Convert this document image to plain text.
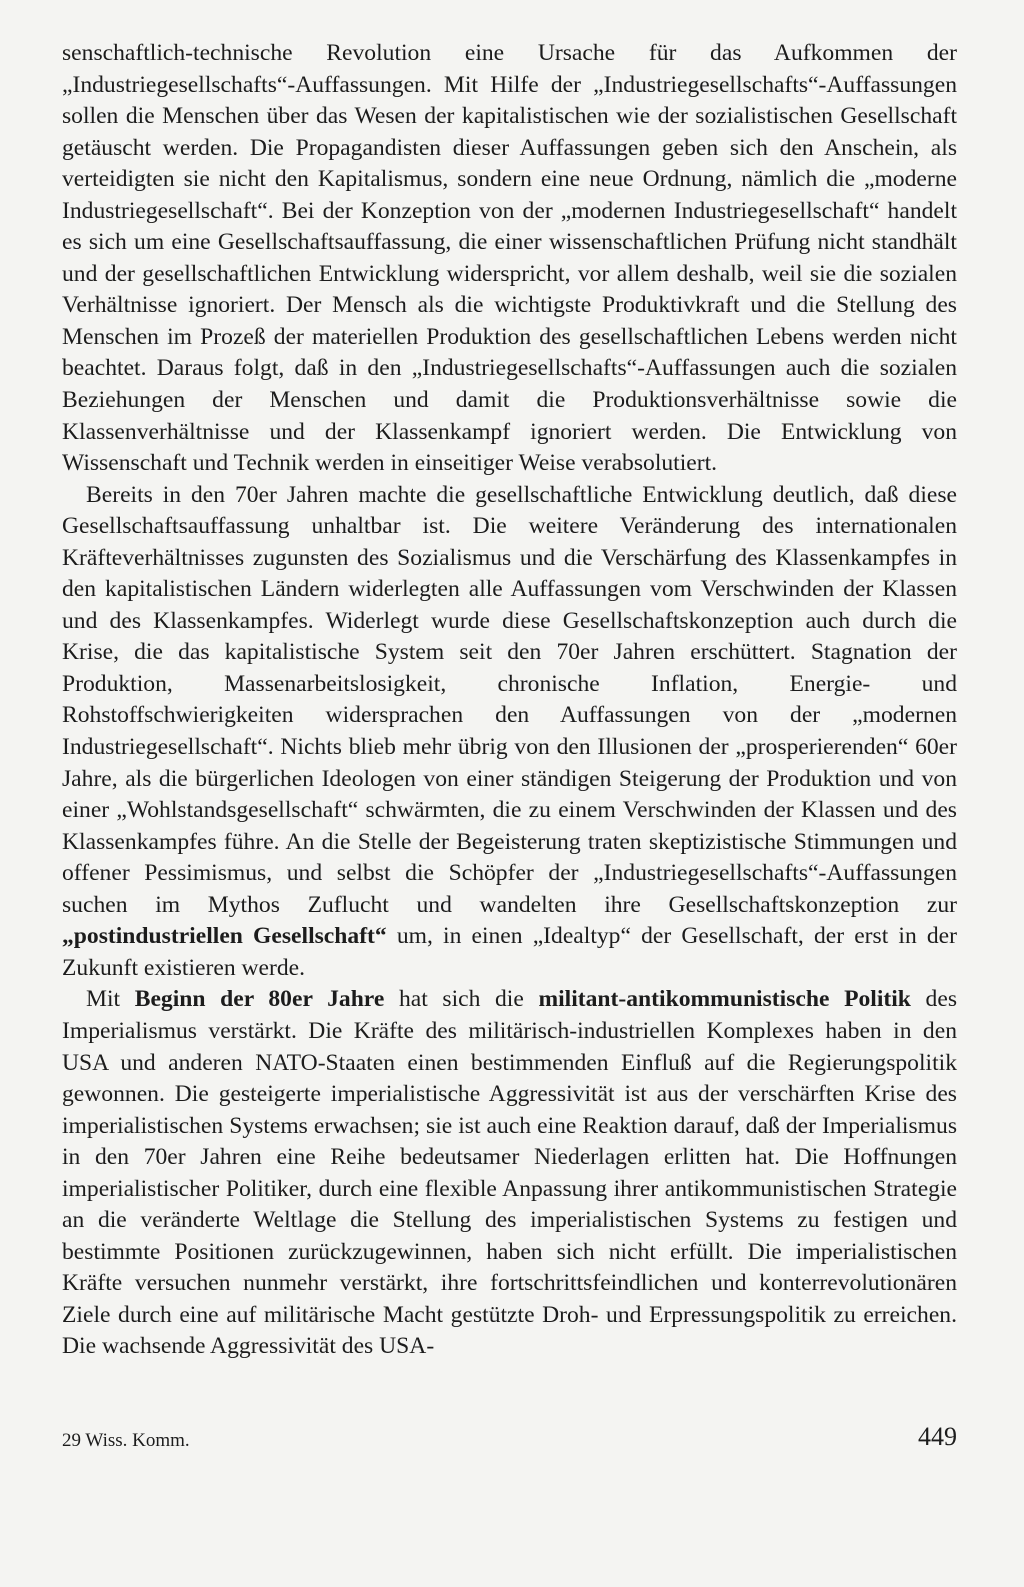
senschaftlich-technische Revolution eine Ursache für das Aufkommen der „Industriegesellschafts“-Auffassungen. Mit Hilfe der „Industriegesellschafts“-Auffassungen sollen die Menschen über das Wesen der kapitalistischen wie der sozialistischen Gesellschaft getäuscht werden. Die Propagandisten dieser Auffassungen geben sich den Anschein, als verteidigten sie nicht den Kapitalismus, sondern eine neue Ordnung, nämlich die „moderne Industriegesellschaft“. Bei der Konzeption von der „modernen Industriegesellschaft“ handelt es sich um eine Gesellschaftsauffassung, die einer wissenschaftlichen Prüfung nicht standhält und der gesellschaftlichen Entwicklung widerspricht, vor allem deshalb, weil sie die sozialen Verhältnisse ignoriert. Der Mensch als die wichtigste Produktivkraft und die Stellung des Menschen im Prozeß der materiellen Produktion des gesellschaftlichen Lebens werden nicht beachtet. Daraus folgt, daß in den „Industriegesellschafts“-Auffassungen auch die sozialen Beziehungen der Menschen und damit die Produktionsverhältnisse sowie die Klassenverhältnisse und der Klassenkampf ignoriert werden. Die Entwicklung von Wissenschaft und Technik werden in einseitiger Weise verabsolutiert.

Bereits in den 70er Jahren machte die gesellschaftliche Entwicklung deutlich, daß diese Gesellschaftsauffassung unhaltbar ist. Die weitere Veränderung des internationalen Kräfteverhältnisses zugunsten des Sozialismus und die Verschärfung des Klassenkampfes in den kapitalistischen Ländern widerlegten alle Auffassungen vom Verschwinden der Klassen und des Klassenkampfes. Widerlegt wurde diese Gesellschaftskonzeption auch durch die Krise, die das kapitalistische System seit den 70er Jahren erschüttert. Stagnation der Produktion, Massenarbeitslosigkeit, chronische Inflation, Energie- und Rohstoffschwierigkeiten widersprachen den Auffassungen von der „modernen Industriegesellschaft“. Nichts blieb mehr übrig von den Illusionen der „prosperierenden“ 60er Jahre, als die bürgerlichen Ideologen von einer ständigen Steigerung der Produktion und von einer „Wohlstandsgesellschaft“ schwärmten, die zu einem Verschwinden der Klassen und des Klassenkampfes führe. An die Stelle der Begeisterung traten skeptizistische Stimmungen und offener Pessimismus, und selbst die Schöpfer der „Industriegesellschafts“-Auffassungen suchen im Mythos Zuflucht und wandelten ihre Gesellschaftskonzeption zur „postindustriellen Gesellschaft“ um, in einen „Idealtyp“ der Gesellschaft, der erst in der Zukunft existieren werde.

Mit Beginn der 80er Jahre hat sich die militant-antikommunistische Politik des Imperialismus verstärkt. Die Kräfte des militärisch-industriellen Komplexes haben in den USA und anderen NATO-Staaten einen bestimmenden Einfluß auf die Regierungspolitik gewonnen. Die gesteigerte imperialistische Aggressivität ist aus der verschärften Krise des imperialistischen Systems erwachsen; sie ist auch eine Reaktion darauf, daß der Imperialismus in den 70er Jahren eine Reihe bedeutsamer Niederlagen erlitten hat. Die Hoffnungen imperialistischer Politiker, durch eine flexible Anpassung ihrer antikommunistischen Strategie an die veränderte Weltlage die Stellung des imperialistischen Systems zu festigen und bestimmte Positionen zurückzugewinnen, haben sich nicht erfüllt. Die imperialistischen Kräfte versuchen nunmehr verstärkt, ihre fortschrittsfeindlichen und konterrevolutionären Ziele durch eine auf militärische Macht gestützte Droh- und Erpressungspolitik zu erreichen. Die wachsende Aggressivität des USA-

29 Wiss. Komm.	449
